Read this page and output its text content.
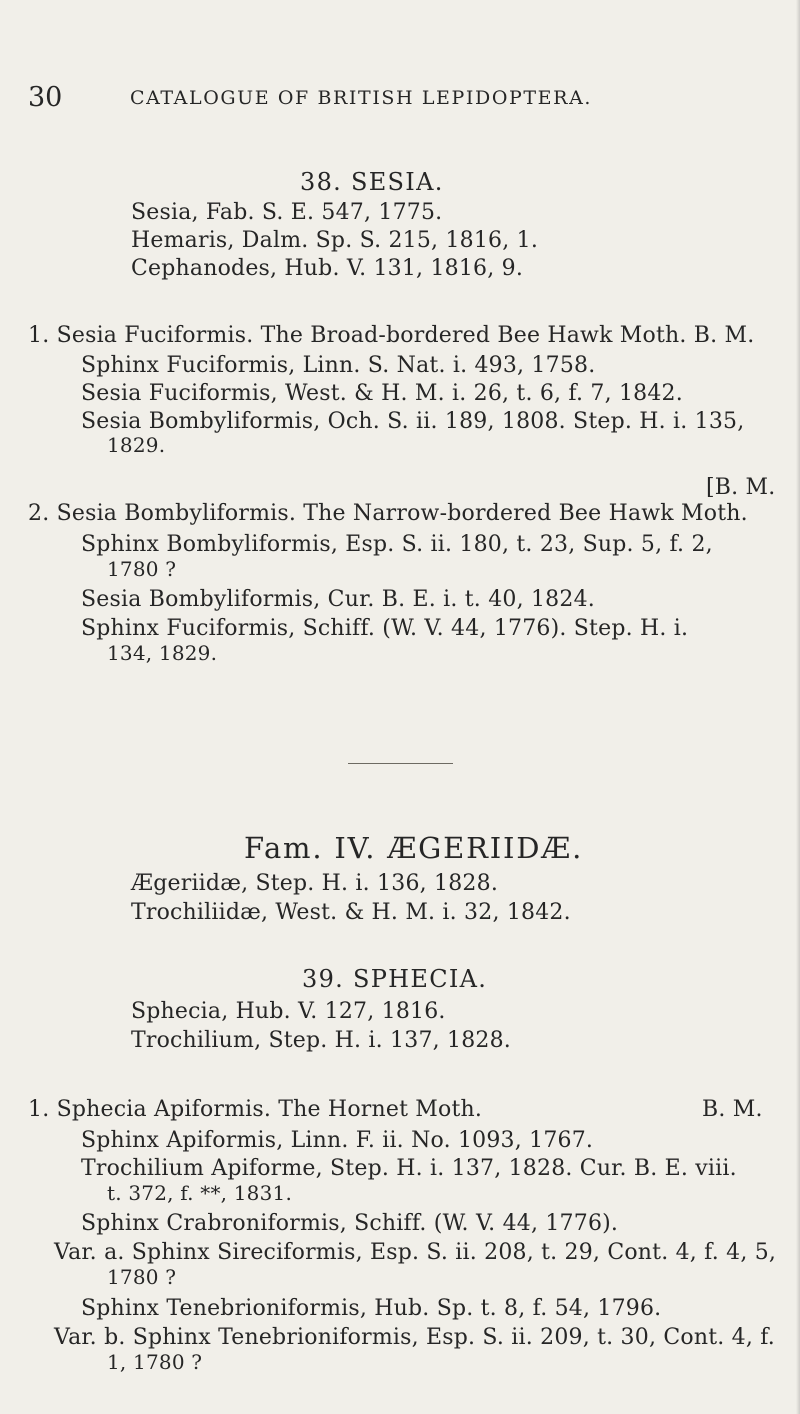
30	CATALOGUE OF BRITISH LEPIDOPTERA.
38. SESIA.
Sesia, Fab. S. E. 547, 1775.
Hemaris, Dalm. Sp. S. 215, 1816, 1.
Cephanodes, Hub. V. 131, 1816, 9.
1. Sesia Fuciformis. The Broad-bordered Bee Hawk Moth. B. M.
Sphinx Fuciformis, Linn. S. Nat. i. 493, 1758.
Sesia Fuciformis, West. & H. M. i. 26, t. 6, f. 7, 1842.
Sesia Bombyliformis, Och. S. ii. 189, 1808. Step. H. i. 135,
1829.
[B. M.
2. Sesia Bombyliformis. The Narrow-bordered Bee Hawk Moth.
Sphinx Bombyliformis, Esp. S. ii. 180, t. 23, Sup. 5, f. 2,
1780 ?
Sesia Bombyliformis, Cur. B. E. i. t. 40, 1824.
Sphinx Fuciformis, Schiff. (W. V. 44, 1776). Step. H. i.
134, 1829.
Fam. IV. ÆGERIIDÆ.
Ægeriidæ, Step. H. i. 136, 1828.
Trochiliidæ, West. & H. M. i. 32, 1842.
39. SPHECIA.
Sphecia, Hub. V. 127, 1816.
Trochilium, Step. H. i. 137, 1828.
1. Sphecia Apiformis. The Hornet Moth.	B. M.
Sphinx Apiformis, Linn. F. ii. No. 1093, 1767.
Trochilium Apiforme, Step. H. i. 137, 1828. Cur. B. E. viii.
t. 372, f. **, 1831.
Sphinx Crabroniformis, Schiff. (W. V. 44, 1776).
Var. a. Sphinx Sireciformis, Esp. S. ii. 208, t. 29, Cont. 4, f. 4, 5,
1780 ?
Sphinx Tenebrioniformis, Hub. Sp. t. 8, f. 54, 1796.
Var. b. Sphinx Tenebrioniformis, Esp. S. ii. 209, t. 30, Cont. 4, f.
1, 1780 ?
